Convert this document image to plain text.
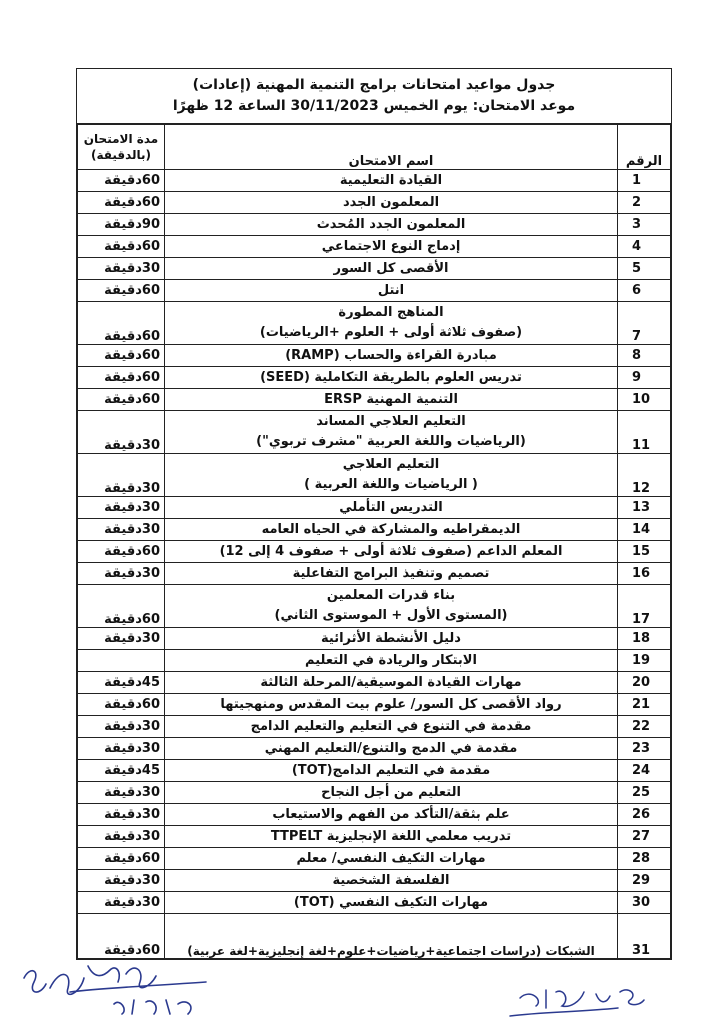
جدول مواعيد امتحانات برامج التنمية المهنية (إعادات)
موعد الامتحان: يوم الخميس 30/11/2023 الساعة 12 ظهرًا
الرقم	اسم الامتحان	مدة الامتحان
(بالدقيقة)

1	القيادة التعليمية	60دقيقة

2	المعلمون الجدد	60دقيقة

3	المعلمون الجدد المُحدث	90دقيقة

4	إدماج النوع الاجتماعي	60دقيقة

5	الأقصى كل السور	30دقيقة

6	انتل	60دقيقة

7	المناهج المطورة
(صفوف ثلاثة أولى + العلوم +الرياضيات)	60دقيقة

8	مبادرة القراءة والحساب (RAMP)	60دقيقة

9	تدريس العلوم بالطريقة التكاملية (SEED)	60دقيقة

10	التنمية المهنية ERSP	60دقيقة

11	التعليم العلاجي المساند
(الرياضيات واللغة العربية "مشرف تربوي")	30دقيقة

12	التعليم العلاجي
( الرياضيات واللغة العربية )	30دقيقة

13	التدريس التأملي	30دقيقة

14	الديمقراطيه والمشاركة في الحياه العامه	30دقيقة

15	المعلم الداعم (صفوف ثلاثة أولى + صفوف 4 إلى 12)	60دقيقة

16	تصميم وتنفيذ البرامج التفاعلية	30دقيقة

17	بناء قدرات المعلمين
(المستوى الأول + الموستوى الثاني)	60دقيقة

18	دليل الأنشطة الأثرائية	30دقيقة

19	الابتكار والريادة في التعليم	

20	مهارات القيادة الموسيقية/المرحلة الثالثة	45دقيقة

21	رواد الأقصى كل السور/ علوم بيت المقدس ومنهجيتها	60دقيقة

22	مقدمة في التنوع في التعليم والتعليم الدامج	30دقيقة

23	مقدمة في الدمج والتنوع/التعليم المهني	30دقيقة

24	مقدمة في التعليم الدامج(TOT)	45دقيقة

25	التعليم من أجل النجاح	30دقيقة

26	علم بثقة/التأكد من الفهم والاستيعاب	30دقيقة

27	تدريب معلمي اللغة الإنجليزية TTPELT	30دقيقة

28	مهارات التكيف النفسي/ معلم	60دقيقة

29	الفلسفة الشخصية	30دقيقة

30	مهارات التكيف النفسي (TOT)	30دقيقة

31	الشبكات (دراسات اجتماعية+رياضيات+علوم+لغة إنجليزية+لغة عربية)	60دقيقة
